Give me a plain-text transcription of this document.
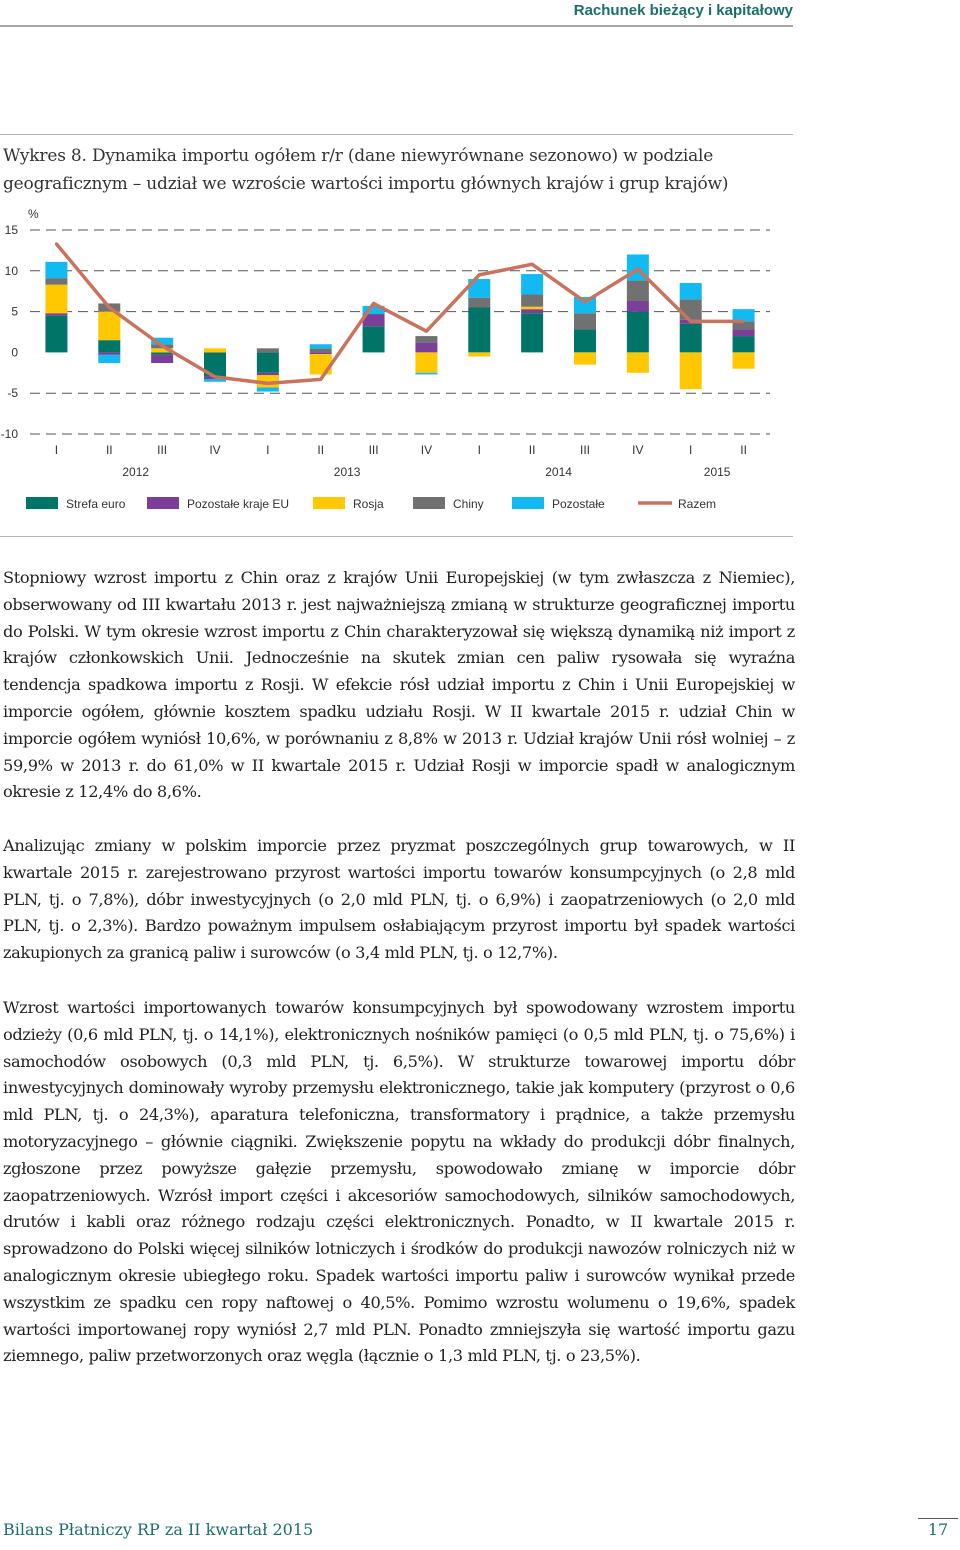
Rachunek bieżący i kapitałowy
Wykres 8. Dynamika importu ogółem r/r (dane niewyrównane sezonowo) w podziale geograficznym – udział we wzroście wartości importu głównych krajów i grup krajów)
%
15
10
5
0
-5
-10
I	II	III	IV	I	II	III	IV	I	II	III	IV	I	II
2012	2013	2014	2015
Strefa euro	Pozostałe kraje EU	Rosja	Chiny	Pozostałe	Razem

Stopniowy wzrost importu z Chin oraz z krajów Unii Europejskiej (w tym zwłaszcza z Niemiec), obserwowany od III kwartału 2013 r. jest najważniejszą zmianą w strukturze geograficznej importu do Polski. W tym okresie wzrost importu z Chin charakteryzował się większą dynamiką niż import z krajów członkowskich Unii. Jednocześnie na skutek zmian cen paliw rysowała się wyraźna tendencja spadkowa importu z Rosji. W efekcie rósł udział importu z Chin i Unii Europejskiej w imporcie ogółem, głównie kosztem spadku udziału Rosji. W II kwartale 2015 r. udział Chin w imporcie ogółem wyniósł 10,6%, w porównaniu z 8,8% w 2013 r. Udział krajów Unii rósł wolniej – z 59,9% w 2013 r. do 61,0% w II kwartale 2015 r. Udział Rosji w imporcie spadł w analogicznym okresie z 12,4% do 8,6%.

Analizując zmiany w polskim imporcie przez pryzmat poszczególnych grup towarowych, w II kwartale 2015 r. zarejestrowano przyrost wartości importu towarów konsumpcyjnych (o 2,8 mld PLN, tj. o 7,8%), dóbr inwestycyjnych (o 2,0 mld PLN, tj. o 6,9%) i zaopatrzeniowych (o 2,0 mld PLN, tj. o 2,3%). Bardzo poważnym impulsem osłabiającym przyrost importu był spadek wartości zakupionych za granicą paliw i surowców (o 3,4 mld PLN, tj. o 12,7%).

Wzrost wartości importowanych towarów konsumpcyjnych był spowodowany wzrostem importu odzieży (0,6 mld PLN, tj. o 14,1%), elektronicznych nośników pamięci (o 0,5 mld PLN, tj. o 75,6%) i samochodów osobowych (0,3 mld PLN, tj. 6,5%). W strukturze towarowej importu dóbr inwestycyjnych dominowały wyroby przemysłu elektronicznego, takie jak komputery (przyrost o 0,6 mld PLN, tj. o 24,3%), aparatura telefoniczna, transformatory i prądnice, a także przemysłu motoryzacyjnego – głównie ciągniki. Zwiększenie popytu na wkłady do produkcji dóbr finalnych, zgłoszone przez powyższe gałęzie przemysłu, spowodowało zmianę w imporcie dóbr zaopatrzeniowych. Wzrósł import części i akcesoriów samochodowych, silników samochodowych, drutów i kabli oraz różnego rodzaju części elektronicznych. Ponadto, w II kwartale 2015 r. sprowadzono do Polski więcej silników lotniczych i środków do produkcji nawozów rolniczych niż w analogicznym okresie ubiegłego roku. Spadek wartości importu paliw i surowców wynikał przede wszystkim ze spadku cen ropy naftowej o 40,5%. Pomimo wzrostu wolumenu o 19,6%, spadek wartości importowanej ropy wyniósł 2,7 mld PLN. Ponadto zmniejszyła się wartość importu gazu ziemnego, paliw przetworzonych oraz węgla (łącznie o 1,3 mld PLN, tj. o 23,5%).

Bilans Płatniczy RP za II kwartał 2015	17
